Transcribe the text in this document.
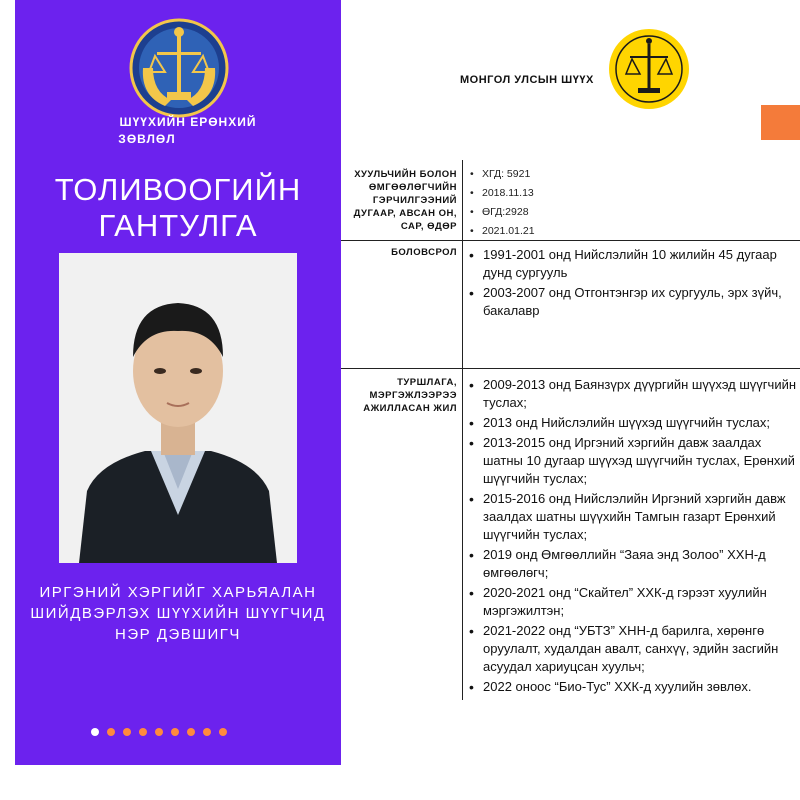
ШҮҮХИЙН ЕРӨНХИЙ
ЗӨВЛӨЛ
ТОЛИВООГИЙН
ГАНТУЛГА
ИРГЭНИЙ ХЭРГИЙГ ХАРЬЯАЛАН
ШИЙДВЭРЛЭХ ШҮҮХИЙН ШҮҮГЧИД
НЭР ДЭВШИГЧ
МОНГОЛ УЛСЫН ШҮҮХ
ХУУЛЬЧИЙН БОЛОН ӨМГӨӨЛӨГЧИЙН ГЭРЧИЛГЭЭНИЙ ДУГААР, АВСАН ОН, САР, ӨДӨР
• ХГД: 5921
• 2018.11.13
• ӨГД:2928
• 2021.01.21
БОЛОВСРОЛ
•	1991-2001 онд Нийслэлийн 10 жилийн 45 дугаар дунд сургууль
• 2003-2007 онд Отгонтэнгэр их сургууль, эрх зүйч, бакалавр
ТУРШЛАГА, МЭРГЭЖЛЭЭРЭЭ АЖИЛЛАСАН ЖИЛ
• 2009-2013 онд Баянзүрх дүүргийн шүүхэд шүүгчийн туслах;
• 2013 онд Нийслэлийн шүүхэд шүүгчийн туслах;
• 2013-2015 онд Иргэний хэргийн давж заалдах шатны 10 дугаар шүүхэд шүүгчийн туслах, Ерөнхий шүүгчийн туслах;
• 2015-2016 онд Нийслэлийн Иргэний хэргийн давж заалдах шатны шүүхийн Тамгын газарт Ерөнхий шүүгчийн туслах;
• 2019 онд Өмгөөллийн “Заяа энд Золоо” ХХН-д өмгөөлөгч;
• 2020-2021 онд “Скайтел” ХХК-д гэрээт хуулийн мэргэжилтэн;
• 2021-2022 онд “УБТЗ” ХНН-д барилга, хөрөнгө оруулалт, худалдан авалт, санхүү, эдийн засгийн асуудал хариуцсан хуульч;
• 2022 оноос “Био-Тус” ХХК-д хуулийн зөвлөх.
